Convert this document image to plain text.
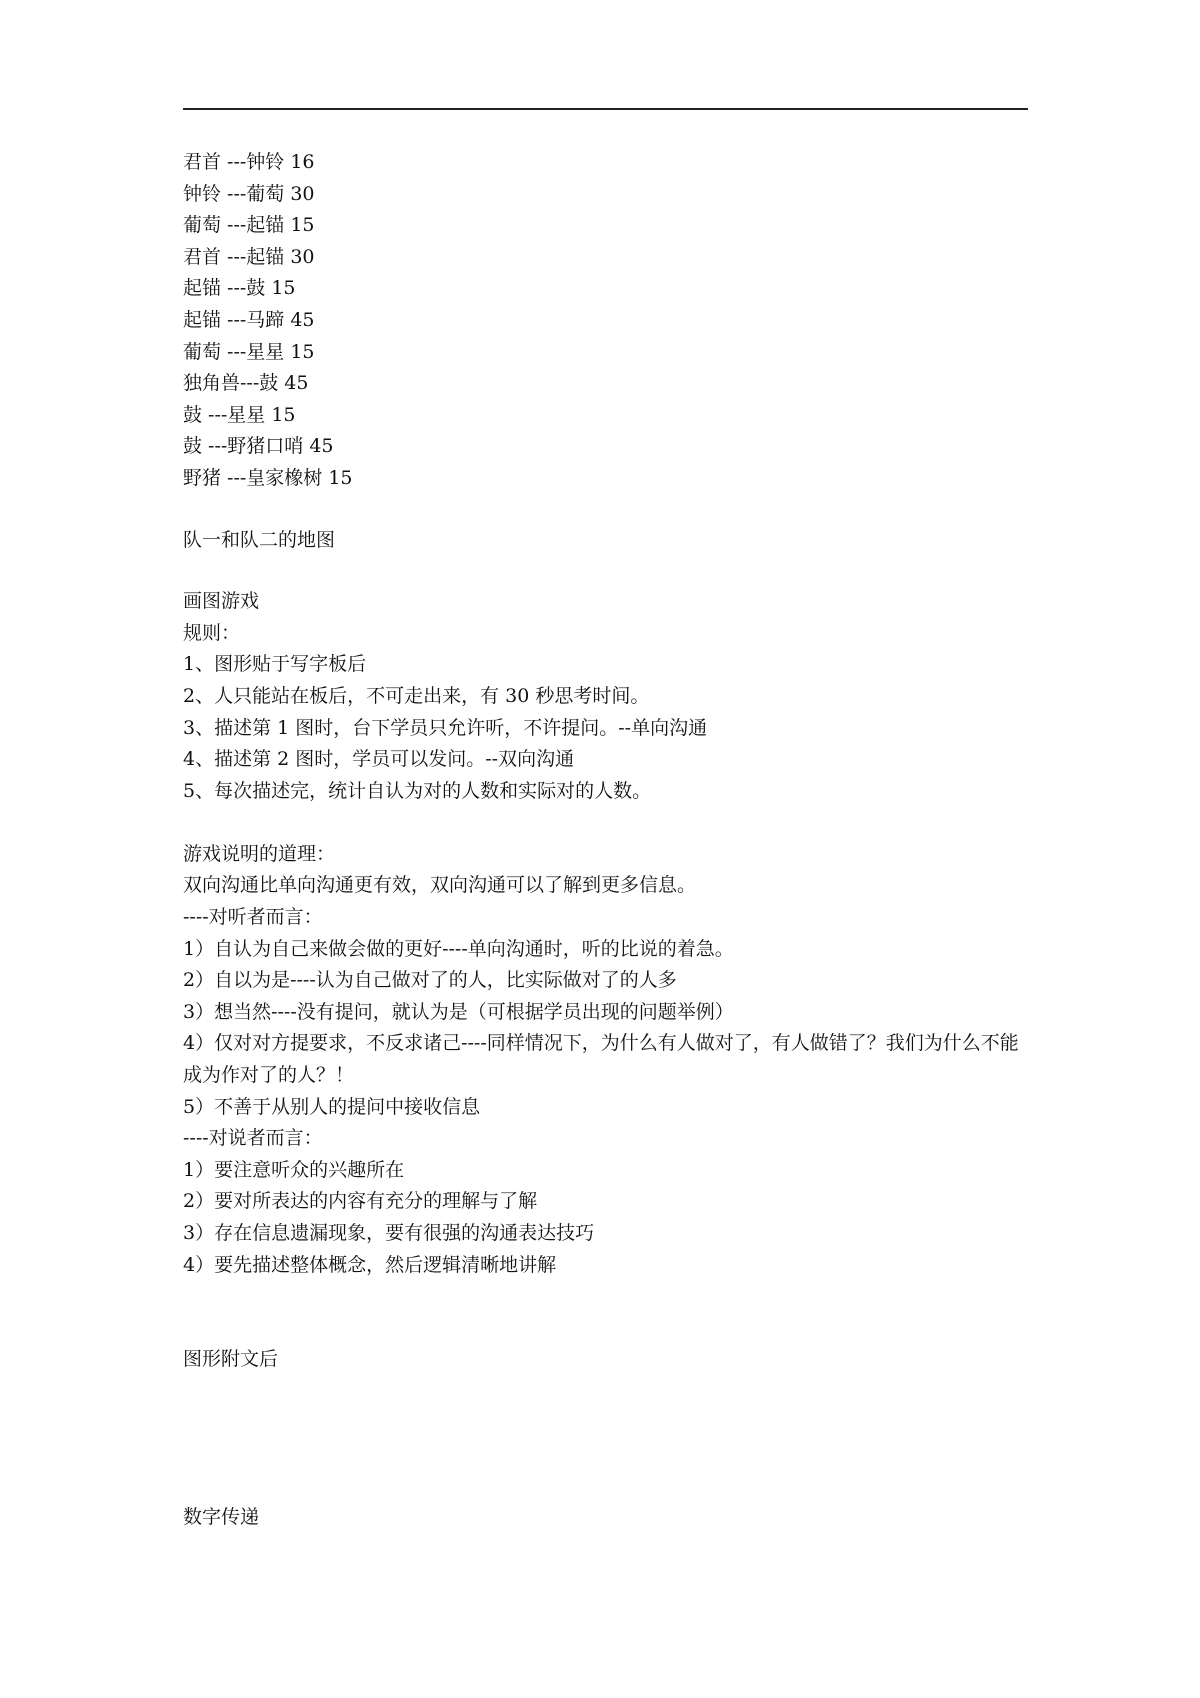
君首 ---钟铃 16
钟铃 ---葡萄 30
葡萄 ---起锚 15
君首 ---起锚 30
起锚 ---鼓 15
起锚 ---马蹄 45
葡萄 ---星星 15
独角兽---鼓 45
鼓 ---星星 15
鼓 ---野猪口哨 45
野猪 ---皇家橡树 15
队一和队二的地图
画图游戏
规则：
1、图形贴于写字板后
2、人只能站在板后，不可走出来，有 30 秒思考时间。
3、描述第 1 图时，台下学员只允许听，不许提问。--单向沟通
4、描述第 2 图时，学员可以发问。--双向沟通
5、每次描述完，统计自认为对的人数和实际对的人数。
游戏说明的道理：
双向沟通比单向沟通更有效，双向沟通可以了解到更多信息。
----对听者而言：
1）自认为自己来做会做的更好----单向沟通时，听的比说的着急。
2）自以为是----认为自己做对了的人，比实际做对了的人多
3）想当然----没有提问，就认为是（可根据学员出现的问题举例）
4）仅对对方提要求，不反求诸己----同样情况下，为什么有人做对了，有人做错了？我们为什么不能成为作对了的人？！
5）不善于从别人的提问中接收信息
----对说者而言：
1）要注意听众的兴趣所在
2）要对所表达的内容有充分的理解与了解
3）存在信息遗漏现象，要有很强的沟通表达技巧
4）要先描述整体概念，然后逻辑清晰地讲解
图形附文后
数字传递
